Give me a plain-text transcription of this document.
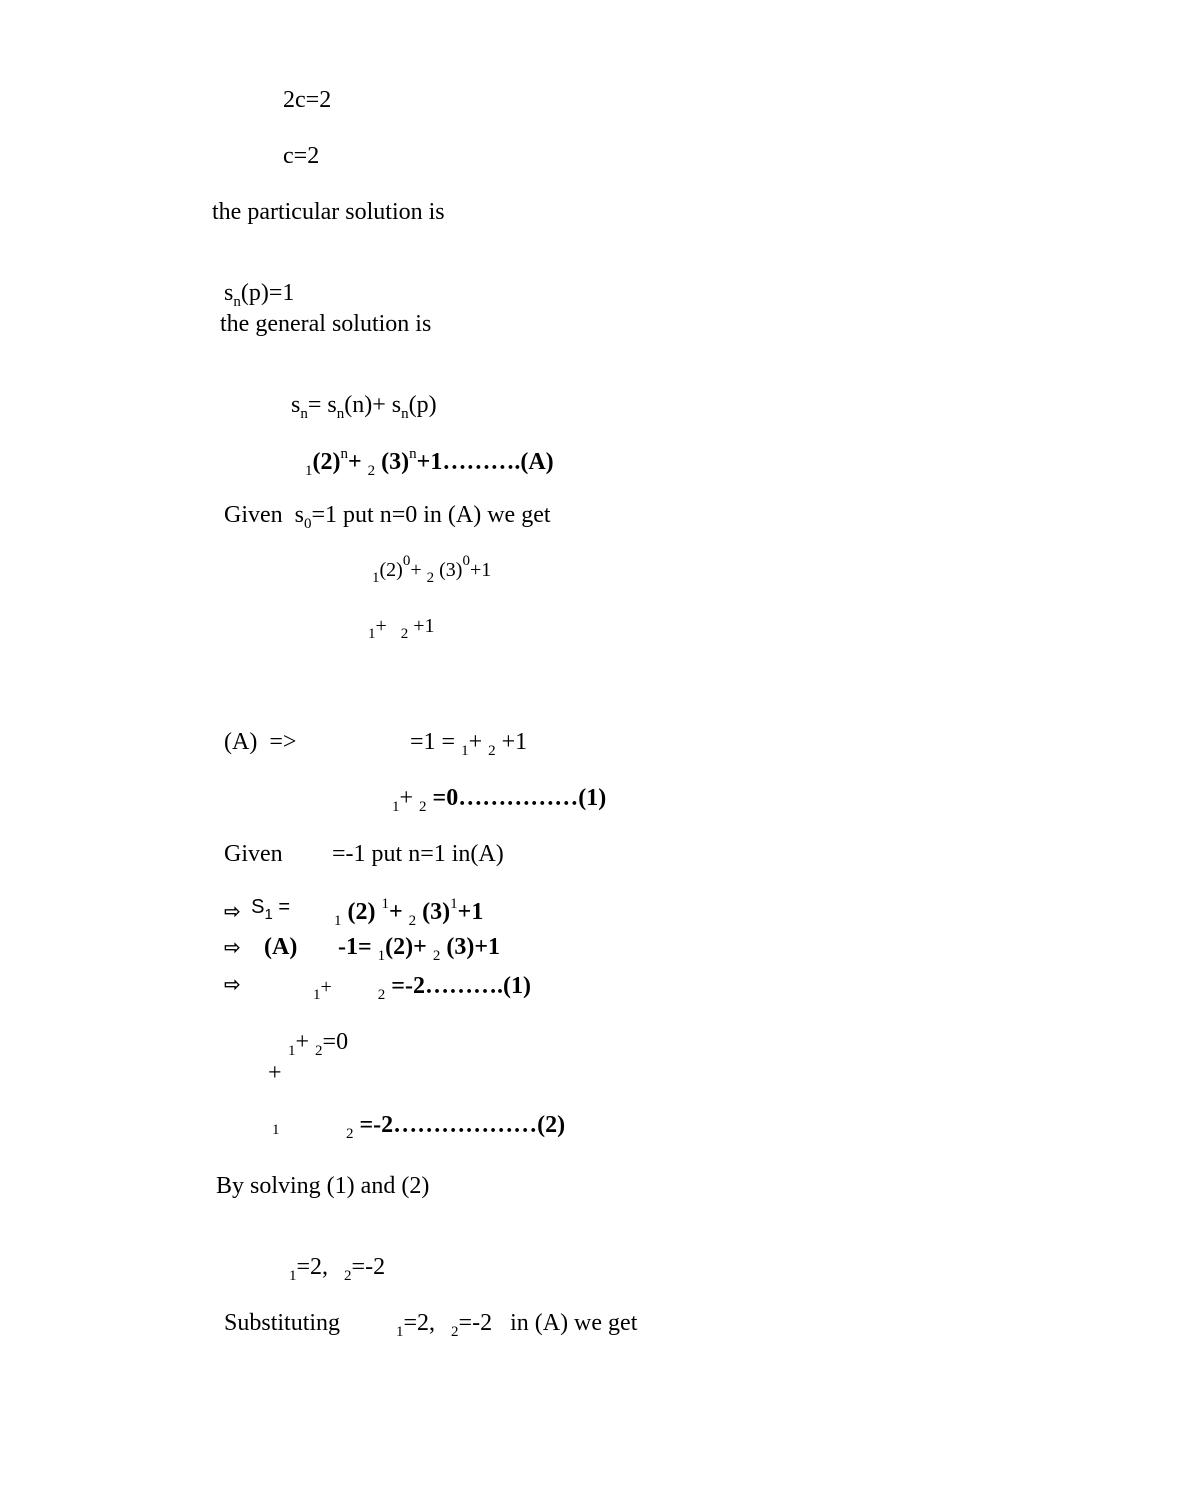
2c=2
c=2
the particular solution is

$s_n(p)=1$

the general solution is

$s_n= s_n(n)+ s_n(p)$

$_1(2)^n+ _2$ $(3)^n+1\dots\dots\dots.(A)$

Given  $s_0=1$ put n=0 in (A) we get

$_1(2)^0+ _2$ $(3)^0+1$

$_1$+ $_2$ +1

(A)  =>	=1 = $_1$+ $_2$ +1

$_1$+ $_2$ =0……………(1)

Given	=-1 put n=1 in(A)

⇨ $S_1$ =

$_1$ (2) $^1$+ $_2$ $(3)^1+1$

⇨ (A)	-1= $_1$(2)+ $_2$ (3)+1

⇨	$_1$+	$_2$ =-2……….(1)

$_1$+ $_2$=0

+

$_1$	$_2$ =-2………………(2)

By solving (1) and (2)

$_1$=2, $_2$=-2

Substituting	$_1$=2, $_2$=-2   in (A) we get
